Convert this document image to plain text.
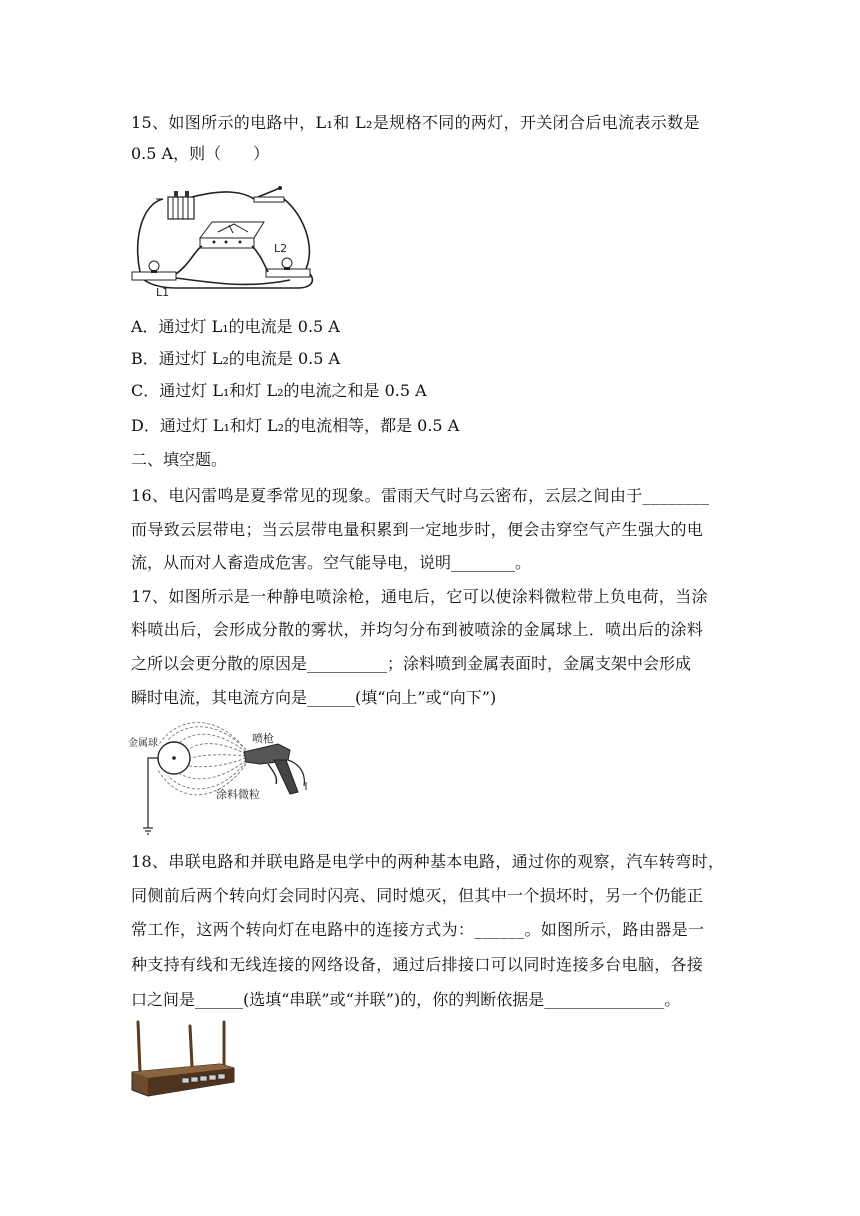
15、如图所示的电路中，L₁和 L₂是规格不同的两灯，开关闭合后电流表示数是
0.5 A，则（　　）
L1
L2
A．通过灯 L₁的电流是 0.5 A
B．通过灯 L₂的电流是 0.5 A
C．通过灯 L₁和灯 L₂的电流之和是 0.5 A
D．通过灯 L₁和灯 L₂的电流相等，都是 0.5 A
二、填空题。
16、电闪雷鸣是夏季常见的现象。雷雨天气时乌云密布，云层之间由于________
而导致云层带电；当云层带电量积累到一定地步时，便会击穿空气产生强大的电
流，从而对人畜造成危害。空气能导电，说明________。
17、如图所示是一种静电喷涂枪，通电后，它可以使涂料微粒带上负电荷，当涂
料喷出后，会形成分散的雾状，并均匀分布到被喷涂的金属球上．喷出后的涂料
之所以会更分散的原因是__________；涂料喷到金属表面时，金属支架中会形成
瞬时电流，其电流方向是______(填“向上”或“向下”)
金属球	喷枪
涂料微粒
18、串联电路和并联电路是电学中的两种基本电路，通过你的观察，汽车转弯时，
同侧前后两个转向灯会同时闪亮、同时熄灭，但其中一个损坏时，另一个仍能正
常工作，这两个转向灯在电路中的连接方式为：______。如图所示，路由器是一
种支持有线和无线连接的网络设备，通过后排接口可以同时连接多台电脑，各接
口之间是______(选填“串联”或“并联”)的，你的判断依据是_______________。
